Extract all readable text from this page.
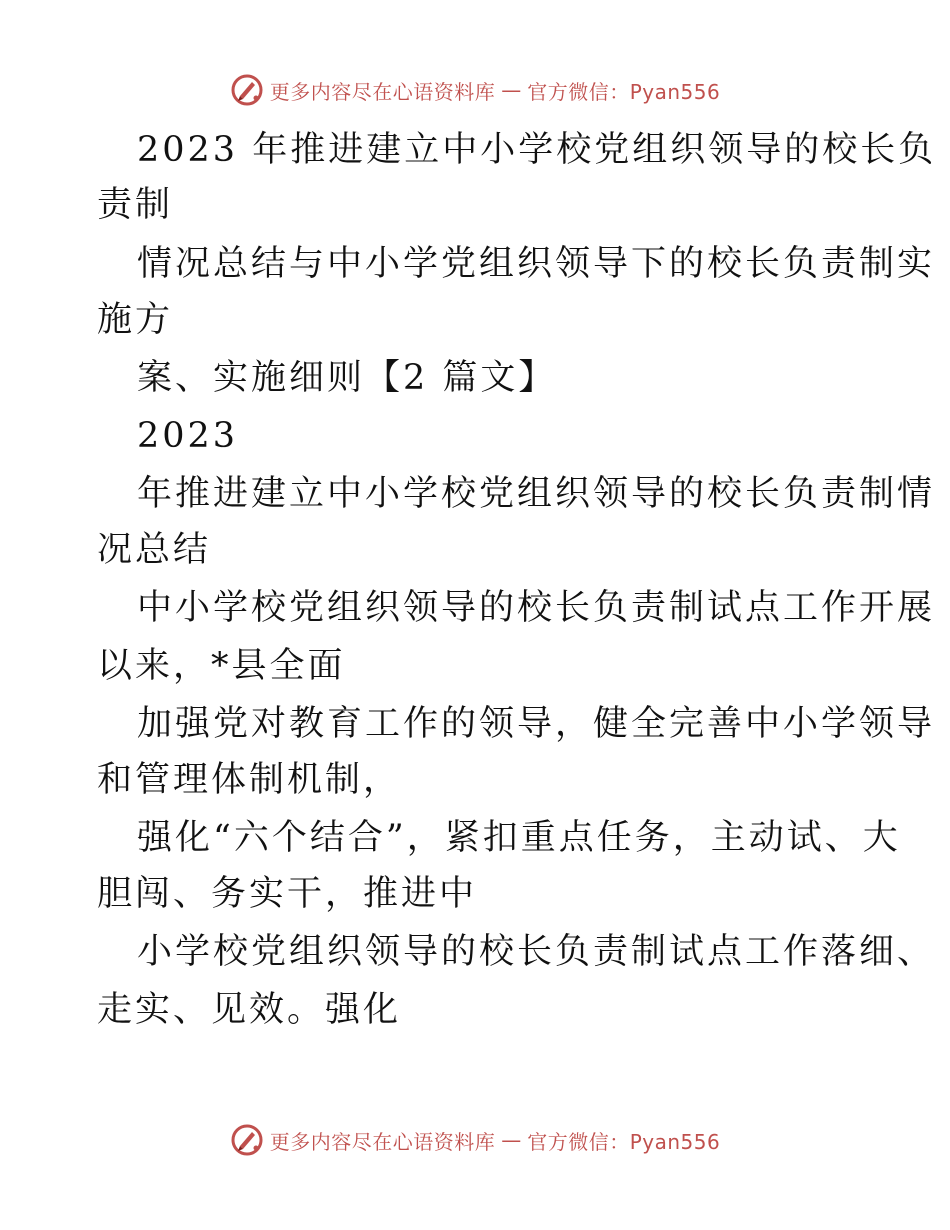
更多内容尽在心语资料库 — 官方微信：Pyan556
2023 年推进建立中小学校党组织领导的校长负
责制
情况总结与中小学党组织领导下的校长负责制实
施方
案、实施细则【2 篇文】
2023
年推进建立中小学校党组织领导的校长负责制情
况总结
中小学校党组织领导的校长负责制试点工作开展
以来，*县全面
加强党对教育工作的领导，健全完善中小学领导
和管理体制机制，
强化“六个结合”，紧扣重点任务，主动试、大
胆闯、务实干，推进中
小学校党组织领导的校长负责制试点工作落细、
走实、见效。强化
更多内容尽在心语资料库 — 官方微信：Pyan556
